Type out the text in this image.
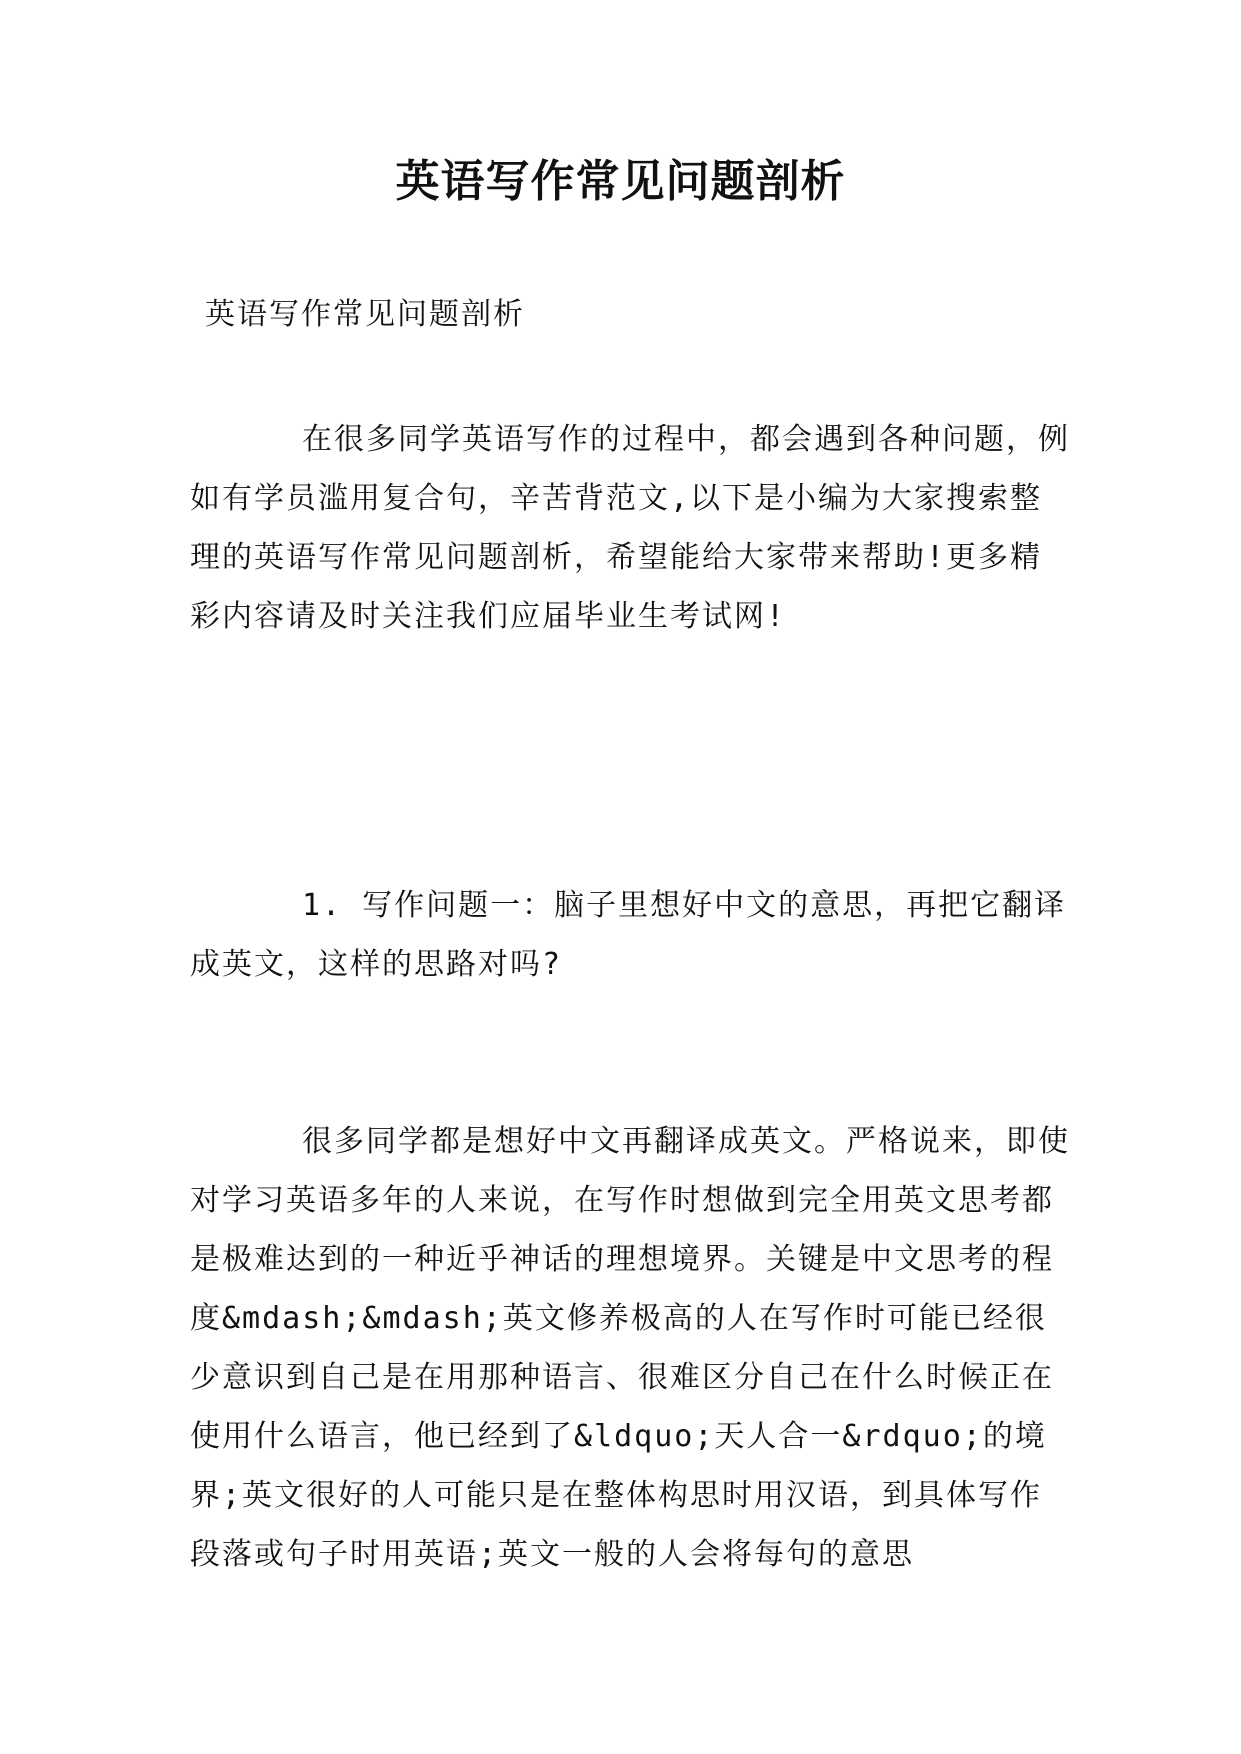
英语写作常见问题剖析
英语写作常见问题剖析

在很多同学英语写作的过程中，都会遇到各种问题，例如有学员滥用复合句，辛苦背范文,以下是小编为大家搜索整理的英语写作常见问题剖析，希望能给大家带来帮助!更多精彩内容请及时关注我们应届毕业生考试网!

1. 写作问题一：脑子里想好中文的意思，再把它翻译成英文，这样的思路对吗?

很多同学都是想好中文再翻译成英文。严格说来，即使对学习英语多年的人来说，在写作时想做到完全用英文思考都是极难达到的一种近乎神话的理想境界。关键是中文思考的程度&mdash;&mdash;英文修养极高的人在写作时可能已经很少意识到自己是在用那种语言、很难区分自己在什么时候正在使用什么语言，他已经到了&ldquo;天人合一&rdquo;的境界;英文很好的人可能只是在整体构思时用汉语，到具体写作段落或句子时用英语;英文一般的人会将每句的意思
